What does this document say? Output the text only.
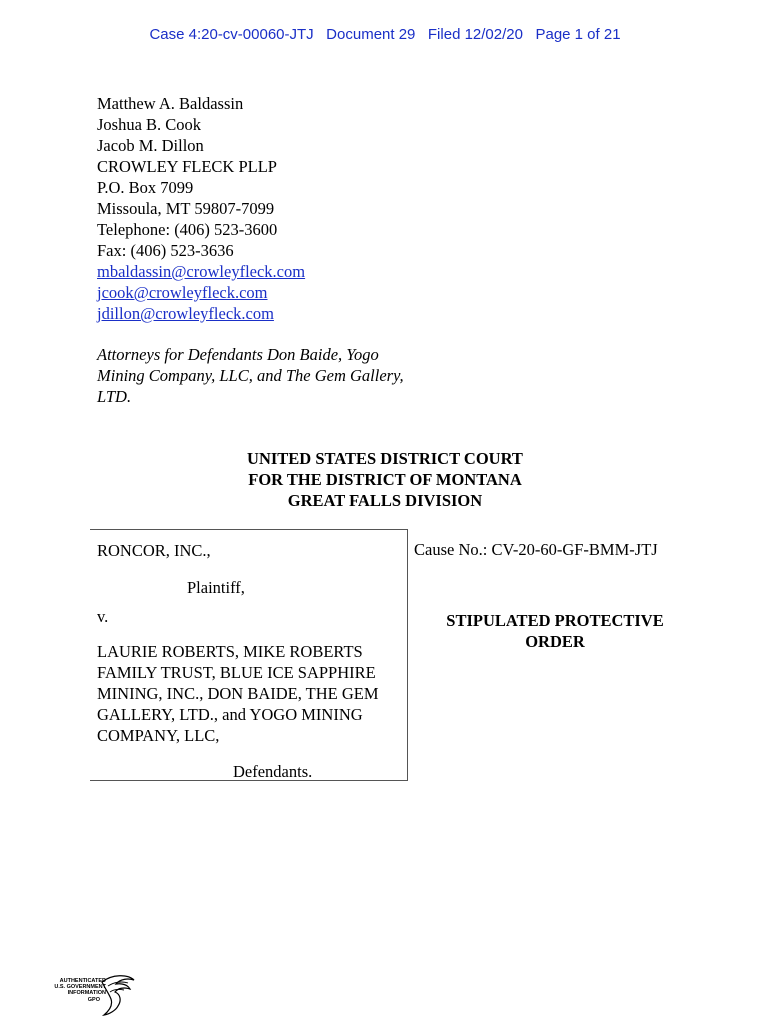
Case 4:20-cv-00060-JTJ   Document 29   Filed 12/02/20   Page 1 of 21
Matthew A. Baldassin
Joshua B. Cook
Jacob M. Dillon
CROWLEY FLECK PLLP
P.O. Box 7099
Missoula, MT 59807-7099
Telephone: (406) 523-3600
Fax: (406) 523-3636
mbaldassin@crowleyfleck.com
jcook@crowleyfleck.com
jdillon@crowleyfleck.com
Attorneys for Defendants Don Baide, Yogo Mining Company, LLC, and The Gem Gallery, LTD.
UNITED STATES DISTRICT COURT
FOR THE DISTRICT OF MONTANA
GREAT FALLS DIVISION
RONCOR, INC.,
Plaintiff,
v.
LAURIE ROBERTS, MIKE ROBERTS
FAMILY TRUST, BLUE ICE SAPPHIRE
MINING, INC., DON BAIDE, THE GEM
GALLERY, LTD., and YOGO MINING
COMPANY, LLC,
Defendants.
Cause No.: CV-20-60-GF-BMM-JTJ
STIPULATED PROTECTIVE
ORDER
AUTHENTICATED
U.S. GOVERNMENT
INFORMATION
GPO
